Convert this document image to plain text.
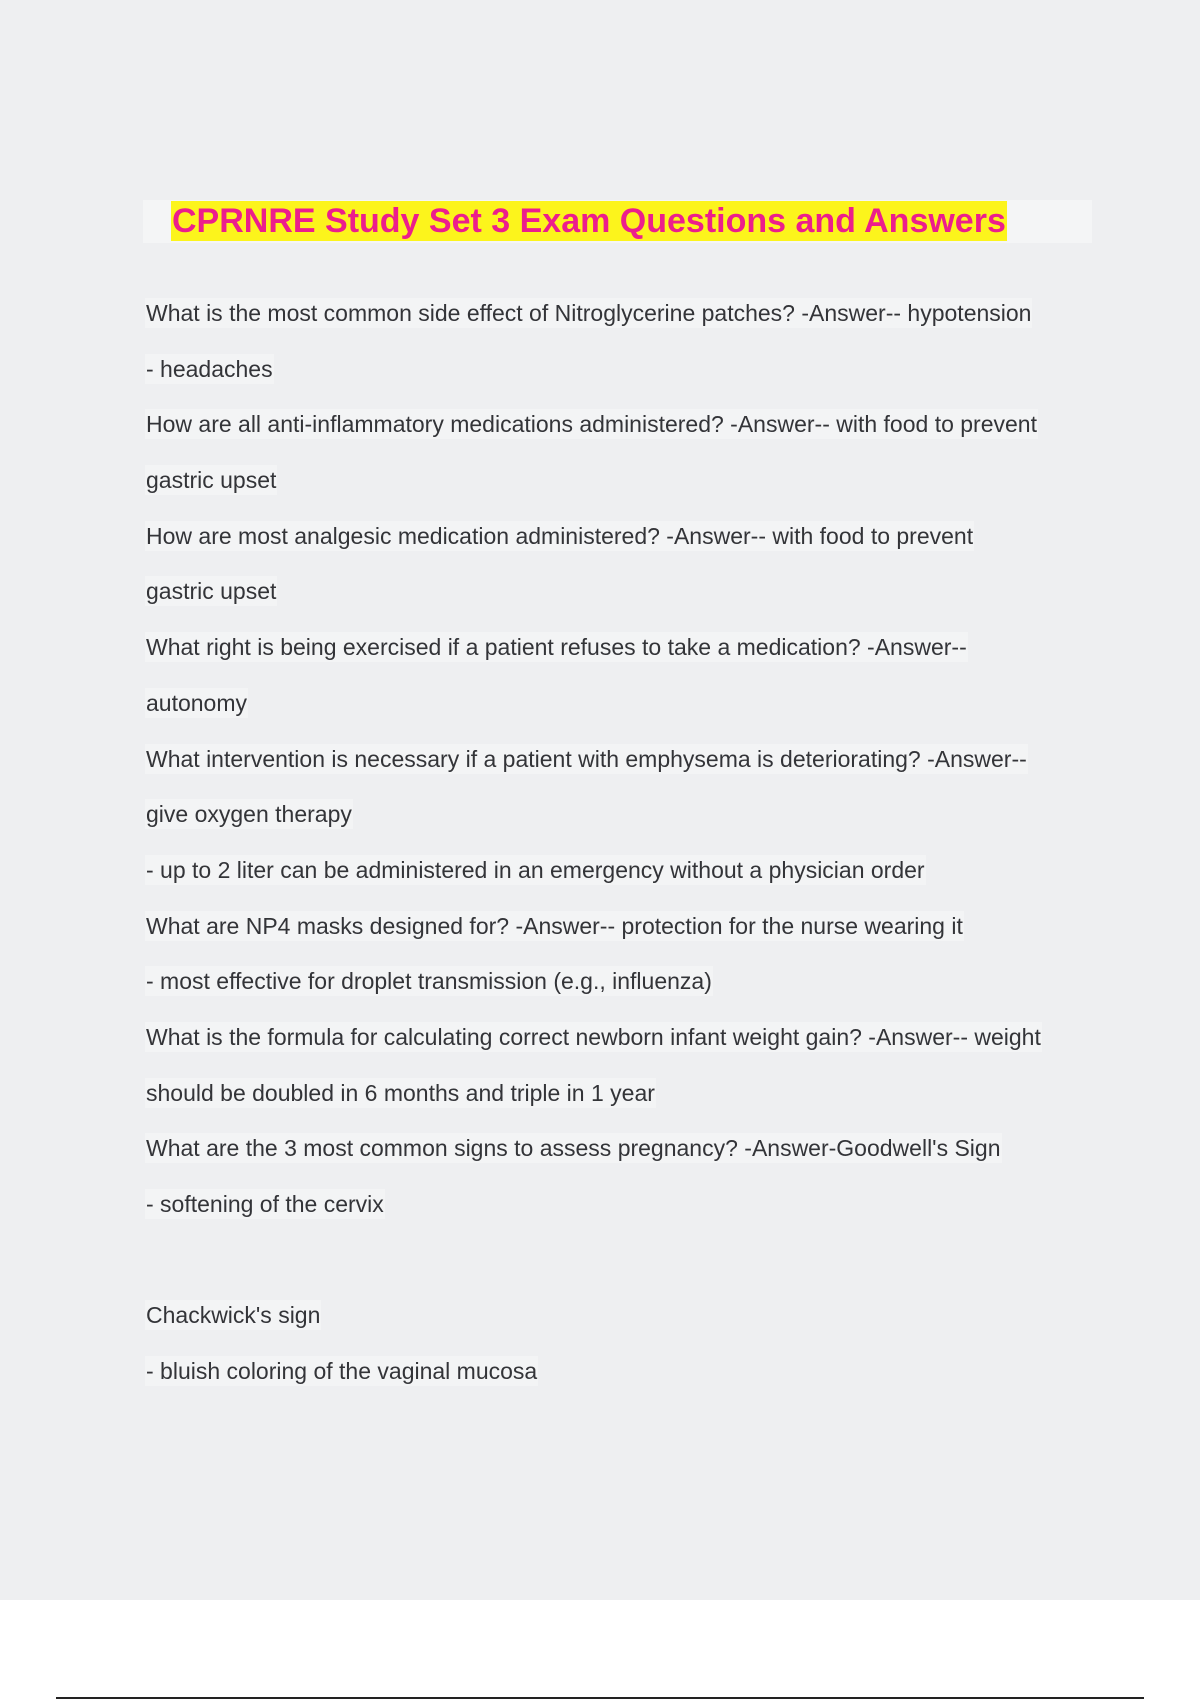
CPRNRE Study Set 3 Exam Questions and Answers
What is the most common side effect of Nitroglycerine patches? -Answer-- hypotension
- headaches
How are all anti-inflammatory medications administered? -Answer-- with food to prevent
gastric upset
How are most analgesic medication administered? -Answer-- with food to prevent
gastric upset
What right is being exercised if a patient refuses to take a medication? -Answer--
autonomy
What intervention is necessary if a patient with emphysema is deteriorating? -Answer--
give oxygen therapy
- up to 2 liter can be administered in an emergency without a physician order
What are NP4 masks designed for? -Answer-- protection for the nurse wearing it
- most effective for droplet transmission (e.g., influenza)
What is the formula for calculating correct newborn infant weight gain? -Answer-- weight
should be doubled in 6 months and triple in 1 year
What are the 3 most common signs to assess pregnancy? -Answer-Goodwell's Sign
- softening of the cervix
Chackwick's sign
- bluish coloring of the vaginal mucosa
